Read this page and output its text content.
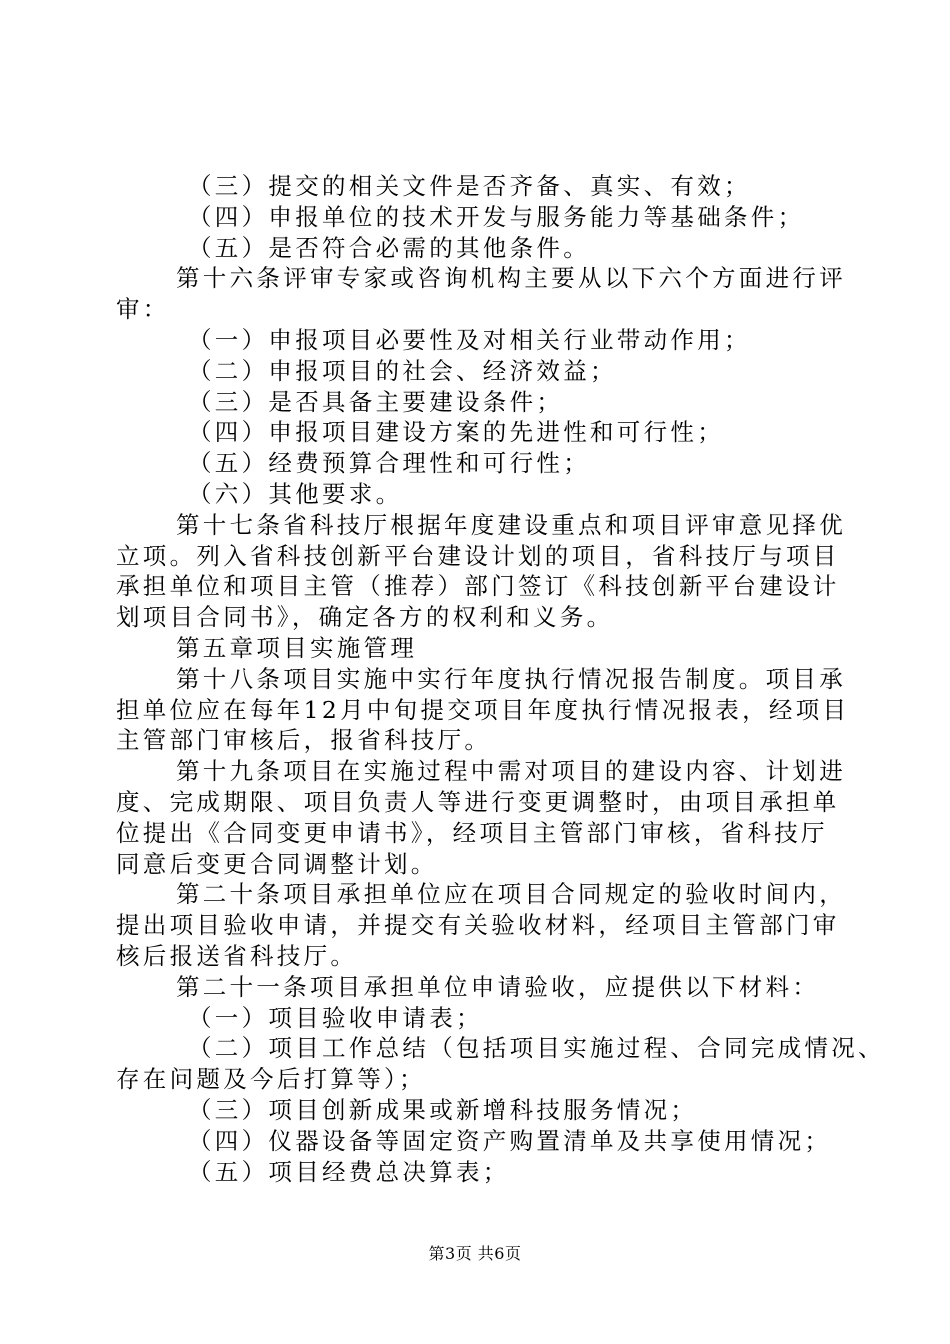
（三）提交的相关文件是否齐备、真实、有效；
（四）申报单位的技术开发与服务能力等基础条件；
（五）是否符合必需的其他条件。
第十六条评审专家或咨询机构主要从以下六个方面进行评
审：
（一）申报项目必要性及对相关行业带动作用；
（二）申报项目的社会、经济效益；
（三）是否具备主要建设条件；
（四）申报项目建设方案的先进性和可行性；
（五）经费预算合理性和可行性；
（六）其他要求。
第十七条省科技厅根据年度建设重点和项目评审意见择优
立项。列入省科技创新平台建设计划的项目，省科技厅与项目
承担单位和项目主管（推荐）部门签订《科技创新平台建设计
划项目合同书》，确定各方的权利和义务。
第五章项目实施管理
第十八条项目实施中实行年度执行情况报告制度。项目承
担单位应在每年12月中旬提交项目年度执行情况报表，经项目
主管部门审核后，报省科技厅。
第十九条项目在实施过程中需对项目的建设内容、计划进
度、完成期限、项目负责人等进行变更调整时，由项目承担单
位提出《合同变更申请书》，经项目主管部门审核，省科技厅
同意后变更合同调整计划。
第二十条项目承担单位应在项目合同规定的验收时间内，
提出项目验收申请，并提交有关验收材料，经项目主管部门审
核后报送省科技厅。
第二十一条项目承担单位申请验收，应提供以下材料：
（一）项目验收申请表；
（二）项目工作总结（包括项目实施过程、合同完成情况、
存在问题及今后打算等）；
（三）项目创新成果或新增科技服务情况；
（四）仪器设备等固定资产购置清单及共享使用情况；
（五）项目经费总决算表；
第3页 共6页
